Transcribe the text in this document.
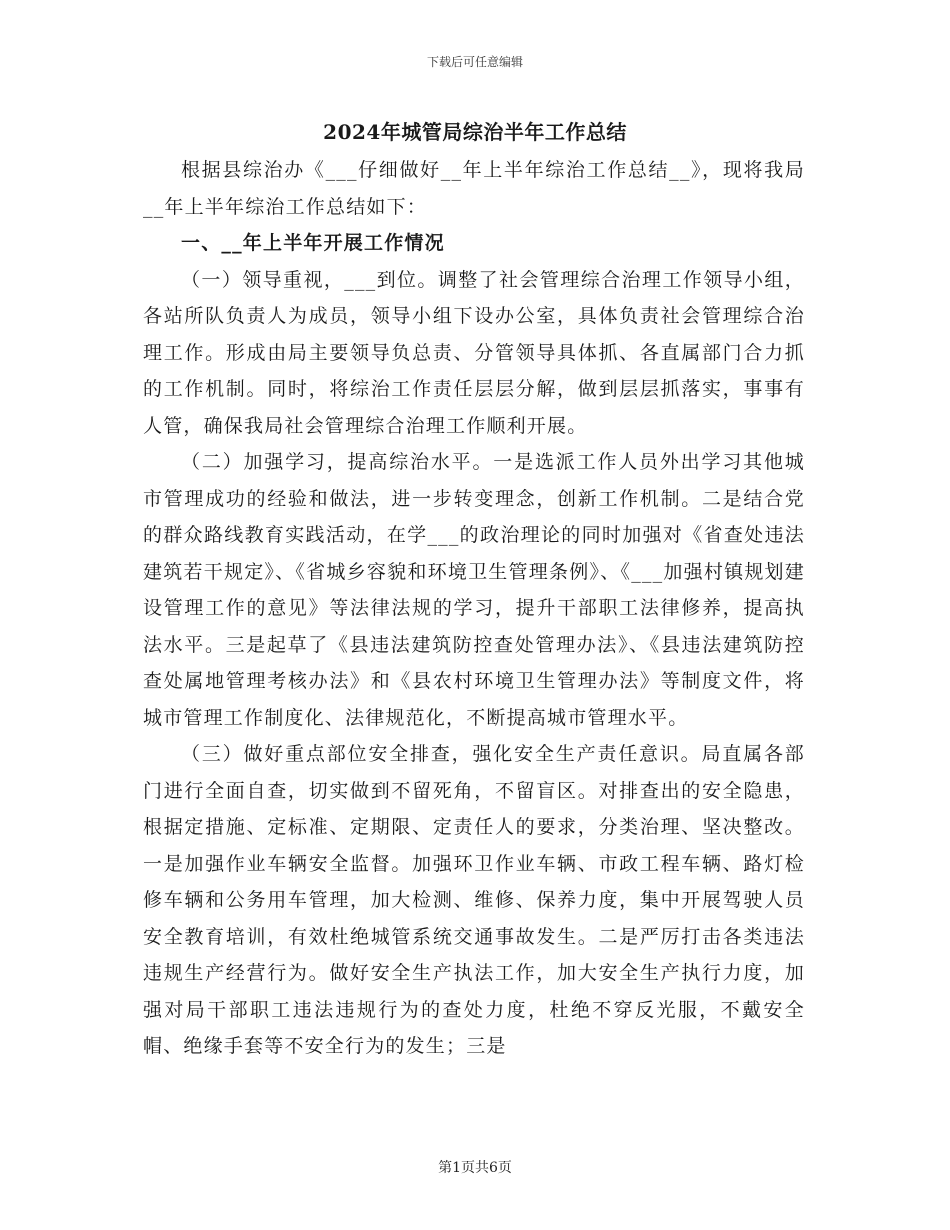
下载后可任意编辑
2024年城管局综治半年工作总结

根据县综治办《___仔细做好__年上半年综治工作总结__》，现将我局__年上半年综治工作总结如下：

一、__年上半年开展工作情况

（一）领导重视，___到位。调整了社会管理综合治理工作领导小组，各站所队负责人为成员，领导小组下设办公室，具体负责社会管理综合治理工作。形成由局主要领导负总责、分管领导具体抓、各直属部门合力抓的工作机制。同时，将综治工作责任层层分解，做到层层抓落实，事事有人管，确保我局社会管理综合治理工作顺利开展。

（二）加强学习，提高综治水平。一是选派工作人员外出学习其他城市管理成功的经验和做法，进一步转变理念，创新工作机制。二是结合党的群众路线教育实践活动，在学___的政治理论的同时加强对《省查处违法建筑若干规定》、《省城乡容貌和环境卫生管理条例》、《___加强村镇规划建设管理工作的意见》等法律法规的学习，提升干部职工法律修养，提高执法水平。三是起草了《县违法建筑防控查处管理办法》、《县违法建筑防控查处属地管理考核办法》和《县农村环境卫生管理办法》等制度文件，将城市管理工作制度化、法律规范化，不断提高城市管理水平。

（三）做好重点部位安全排查，强化安全生产责任意识。局直属各部门进行全面自查，切实做到不留死角，不留盲区。对排查出的安全隐患，根据定措施、定标准、定期限、定责任人的要求，分类治理、坚决整改。一是加强作业车辆安全监督。加强环卫作业车辆、市政工程车辆、路灯检修车辆和公务用车管理，加大检测、维修、保养力度，集中开展驾驶人员安全教育培训，有效杜绝城管系统交通事故发生。二是严厉打击各类违法违规生产经营行为。做好安全生产执法工作，加大安全生产执行力度，加强对局干部职工违法违规行为的查处力度，杜绝不穿反光服，不戴安全帽、绝缘手套等不安全行为的发生；三是

第1页共6页
